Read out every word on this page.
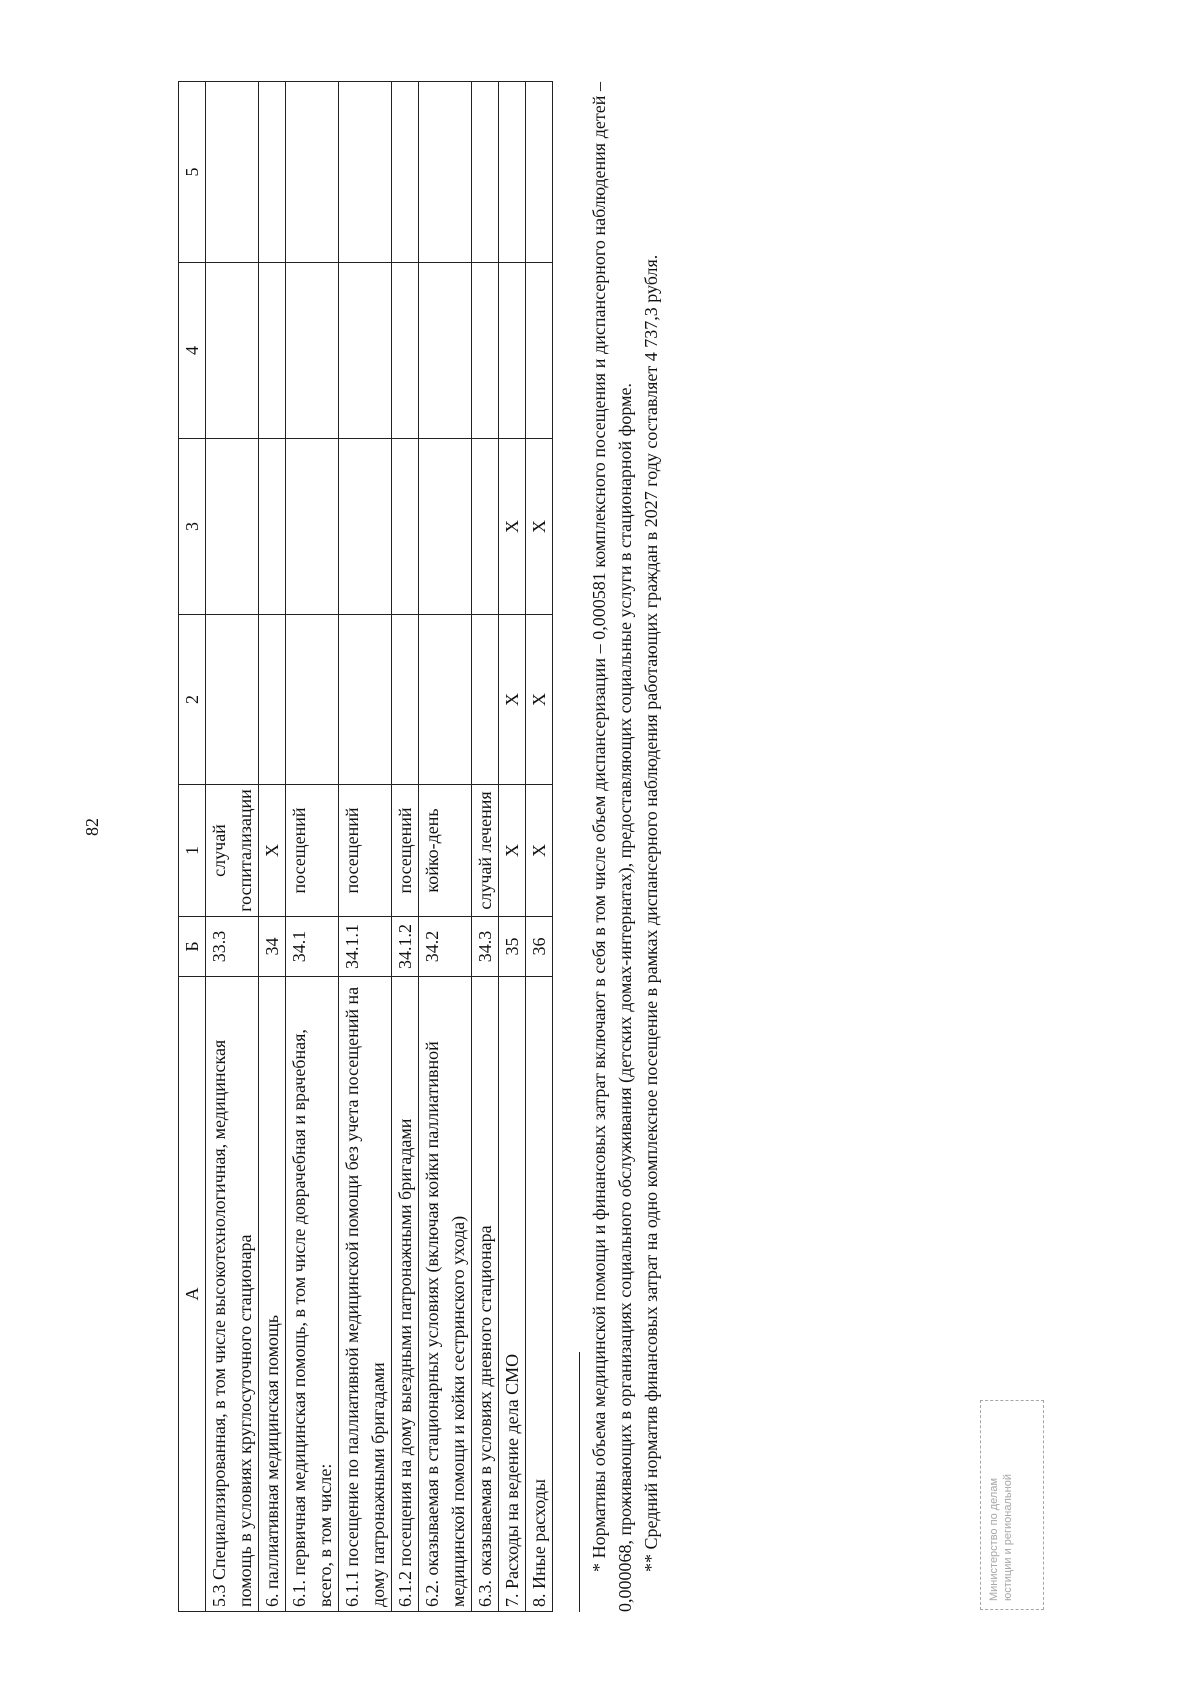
82
А	Б	1	2	3	4	5
5.3 Специализированная, в том числе высокотехнологичная, медицинская помощь в условиях круглосуточного стационара	33.3	случай госпитализации				
6. паллиативная медицинская помощь	34	X				
6.1. первичная медицинская помощь, в том числе доврачебная и врачебная, всего, в том числе:	34.1	посещений				
6.1.1 посещение по паллиативной медицинской помощи без учета посещений на дому патронажными бригадами	34.1.1	посещений				
6.1.2 посещения на дому выездными патронажными бригадами	34.1.2	посещений				
6.2. оказываемая в стационарных условиях (включая койки паллиативной медицинской помощи и койки сестринского ухода)	34.2	койко-день				
6.3. оказываемая в условиях дневного стационара	34.3	случай лечения				
7. Расходы на ведение дела СМО	35	X	X	X		
8. Иные расходы	36	X	X	X		* Нормативы объема медицинской помощи и финансовых затрат включают в себя в том числе объем диспансеризации – 0,000581 комплексного посещения и диспансерного наблюдения детей – 0,000068, проживающих в организациях социального обслуживания (детских домах-интернатах), предоставляющих социальные услуги в стационарной форме. ** Средний норматив финансовых затрат на одно комплексное посещение в рамках диспансерного наблюдения работающих граждан в 2027 году составляет 4 737,3 рубля.	Министерство по делам юстиции и региональной
